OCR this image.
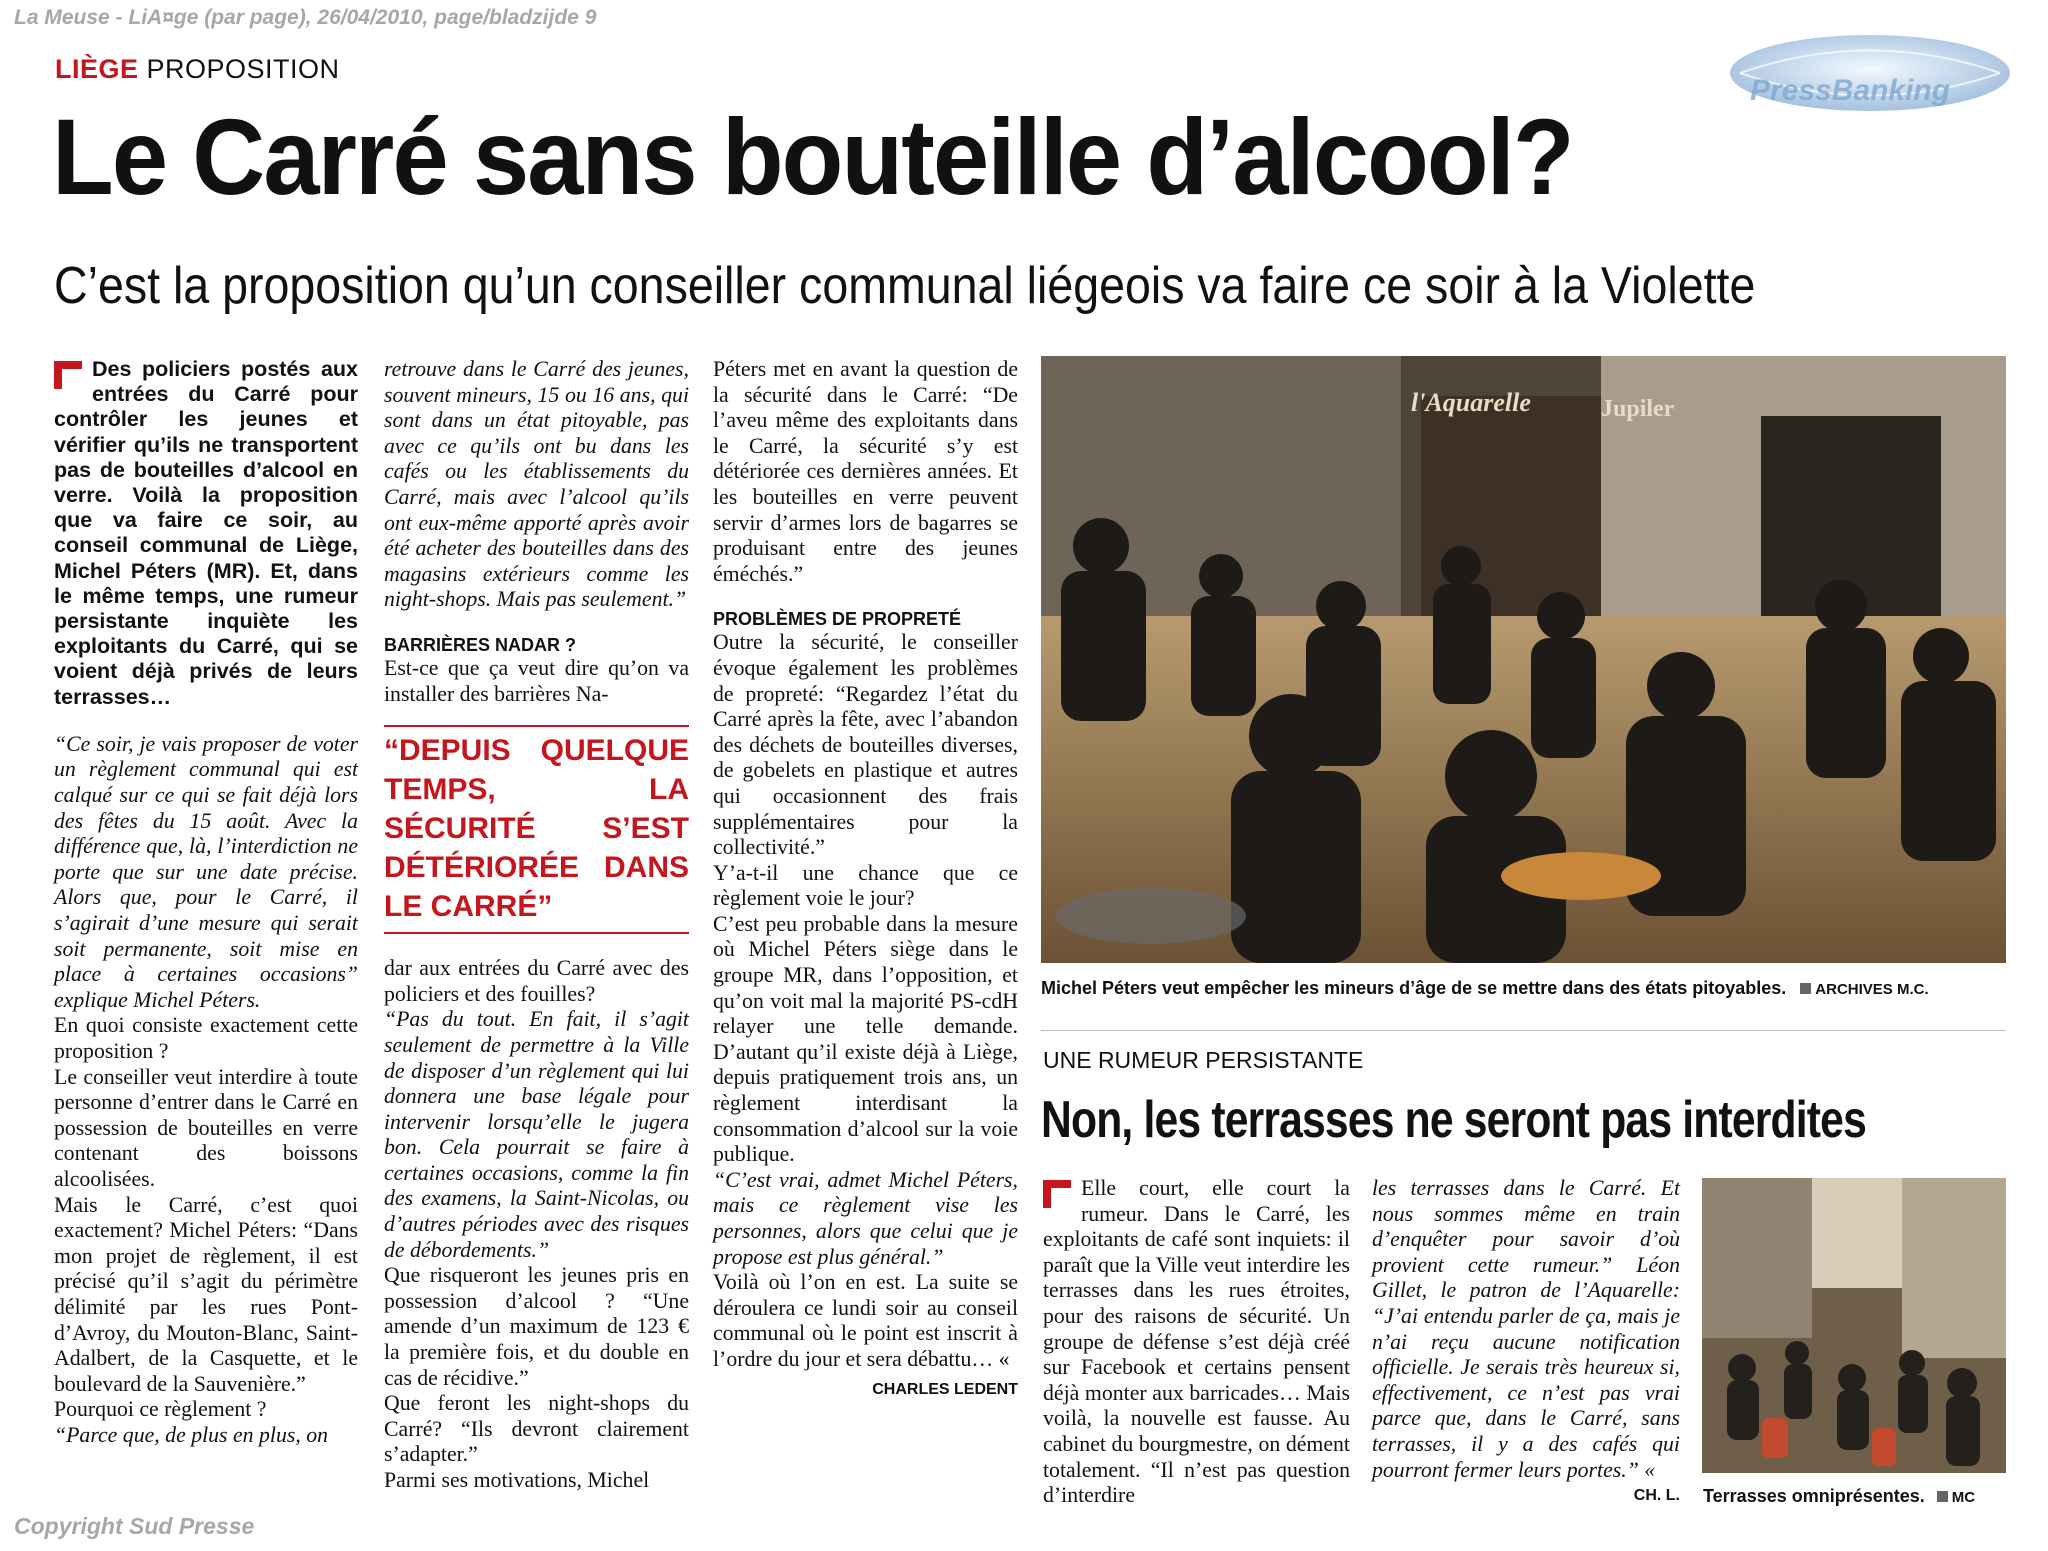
La Meuse - LiA¤ge (par page), 26/04/2010, page/bladzijde 9
PressBanking
LIÈGE PROPOSITION
Le Carré sans bouteille d’alcool?
C’est la proposition qu’un conseiller communal liégeois va faire ce soir à la Violette
Des policiers postés aux entrées du Carré pour contrôler les jeunes et vérifier qu’ils ne transportent pas de bouteilles d’alcool en verre. Voilà la proposition que va faire ce soir, au conseil communal de Liège, Michel Péters (MR). Et, dans le même temps, une rumeur persistante inquiète les exploitants du Carré, qui se voient déjà privés de leurs terrasses…

“Ce soir, je vais proposer de voter un règlement communal qui est calqué sur ce qui se fait déjà lors des fêtes du 15 août. Avec la différence que, là, l’interdiction ne porte que sur une date précise. Alors que, pour le Carré, il s’agirait d’une mesure qui serait soit permanente, soit mise en place à certaines occasions” explique Michel Péters.

En quoi consiste exactement cette proposition ?

Le conseiller veut interdire à toute personne d’entrer dans le Carré en possession de bouteilles en verre contenant des boissons alcoolisées.

Mais le Carré, c’est quoi exactement? Michel Péters: “Dans mon projet de règlement, il est précisé qu’il s’agit du périmètre délimité par les rues Pont-d’Avroy, du Mouton-Blanc, Saint-Adalbert, de la Casquette, et le boulevard de la Sauvenière.”

Pourquoi ce règlement ?

“Parce que, de plus en plus, on

retrouve dans le Carré des jeunes, souvent mineurs, 15 ou 16 ans, qui sont dans un état pitoyable, pas avec ce qu’ils ont bu dans les cafés ou les établissements du Carré, mais avec l’alcool qu’ils ont eux-même apporté après avoir été acheter des bouteilles dans des magasins extérieurs comme les night-shops. Mais pas seulement.”

BARRIÈRES NADAR ?

Est-ce que ça veut dire qu’on va installer des barrières Na-

“DEPUIS QUELQUE TEMPS, LA SÉCURITÉ S’EST DÉTÉRIORÉE DANS LE CARRÉ”

dar aux entrées du Carré avec des policiers et des fouilles?

“Pas du tout. En fait, il s’agit seulement de permettre à la Ville de disposer d’un règlement qui lui donnera une base légale pour intervenir lorsqu’elle le jugera bon. Cela pourrait se faire à certaines occasions, comme la fin des examens, la Saint-Nicolas, ou d’autres périodes avec des risques de débordements.”

Que risqueront les jeunes pris en possession d’alcool ? “Une amende d’un maximum de 123 € la première fois, et du double en cas de récidive.”

Que feront les night-shops du Carré? “Ils devront clairement s’adapter.”

Parmi ses motivations, Michel

Péters met en avant la question de la sécurité dans le Carré: “De l’aveu même des exploitants dans le Carré, la sécurité s’y est détériorée ces dernières années. Et les bouteilles en verre peuvent servir d’armes lors de bagarres se produisant entre des jeunes éméchés.”

PROBLÈMES DE PROPRETÉ

Outre la sécurité, le conseiller évoque également les problèmes de propreté: “Regardez l’état du Carré après la fête, avec l’abandon des déchets de bouteilles diverses, de gobelets en plastique et autres qui occasionnent des frais supplémentaires pour la collectivité.”

Y’a-t-il une chance que ce règlement voie le jour?

C’est peu probable dans la mesure où Michel Péters siège dans le groupe MR, dans l’opposition, et qu’on voit mal la majorité PS-cdH relayer une telle demande. D’autant qu’il existe déjà à Liège, depuis pratiquement trois ans, un règlement interdisant la consommation d’alcool sur la voie publique.

“C’est vrai, admet Michel Péters, mais ce règlement vise les personnes, alors que celui que je propose est plus général.”

Voilà où l’on en est. La suite se déroulera ce lundi soir au conseil communal où le point est inscrit à l’ordre du jour et sera débattu… «

CHARLES LEDENT
l'Aquarelle	Jupiler
Michel Péters veut empêcher les mineurs d’âge de se mettre dans des états pitoyables. ARCHIVES M.C.
UNE RUMEUR PERSISTANTE
Non, les terrasses ne seront pas interdites
Elle court, elle court la rumeur. Dans le Carré, les exploitants de café sont inquiets: il paraît que la Ville veut interdire les terrasses dans les rues étroites, pour des raisons de sécurité. Un groupe de défense s’est déjà créé sur Facebook et certains pensent déjà monter aux barricades… Mais voilà, la nouvelle est fausse. Au cabinet du bourgmestre, on dément totalement. “Il n’est pas question d’interdire

les terrasses dans le Carré. Et nous sommes même en train d’enquêter pour savoir d’où provient cette rumeur.” Léon Gillet, le patron de l’Aquarelle: “J’ai entendu parler de ça, mais je n’ai reçu aucune notification officielle. Je serais très heureux si, effectivement, ce n’est pas vrai parce que, dans le Carré, sans terrasses, il y a des cafés qui pourront fermer leurs portes.” «

CH. L. Terrasses omniprésentes. MC
Copyright Sud Presse
